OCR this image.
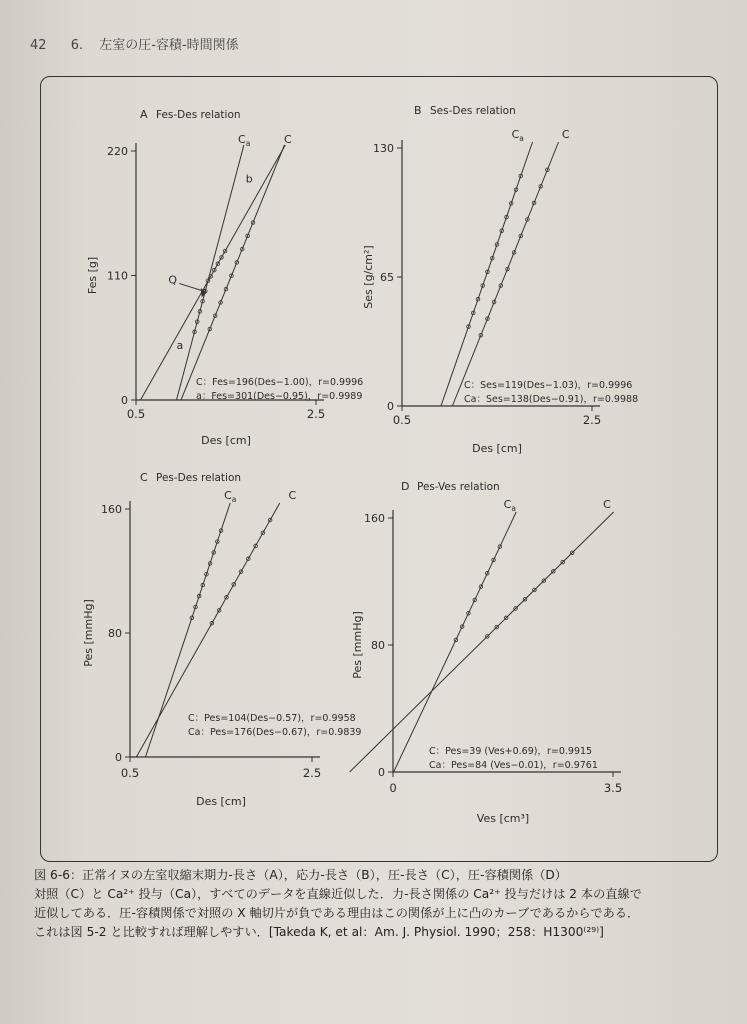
42 6. 左室の圧-容積-時間関係
0
110
220
0.5	2.5
A Fes-Des relation
Des [cm]
Fes [g]
$C_a$	C
C：Fes=196(Des−1.00)，r=0.9996
a：Fes=301(Des−0.95)，r=0.9989
b
a
Q
0
65
130
0.5	2.5
B Ses-Des relation
Des [cm]
Ses [g/cm²]
$C_a$	C
C：Ses=119(Des−1.03)，r=0.9996
Ca：Ses=138(Des−0.91)，r=0.9988
0
80
160
0.5	2.5
C Pes-Des relation
Des [cm]
Pes [mmHg]
$C_a$	C
C：Pes=104(Des−0.57)，r=0.9958
Ca：Pes=176(Des−0.67)，r=0.9839
0
80
160
0	3.5
D Pes-Ves relation
Ves [cm³]
Pes [mmHg]
$C_a$	C
C：Pes=39 (Ves+0.69)，r=0.9915
Ca：Pes=84 (Ves−0.01)，r=0.9761
図 6-6：正常イヌの左室収縮末期力-長さ（A），応力-長さ（B），圧-長さ（C），圧-容積関係（D）
対照（C）と Ca²⁺ 投与（Ca），すべてのデータを直線近似した．力-長さ関係の Ca²⁺ 投与だけは 2 本の直線で
近似してある．圧-容積関係で対照の X 軸切片が負である理由はこの関係が上に凸のカーブであるからである．
これは図 5-2 と比較すれば理解しやすい．[Takeda K, et al：Am. J. Physiol. 1990；258：H1300⁽²⁹⁾]
